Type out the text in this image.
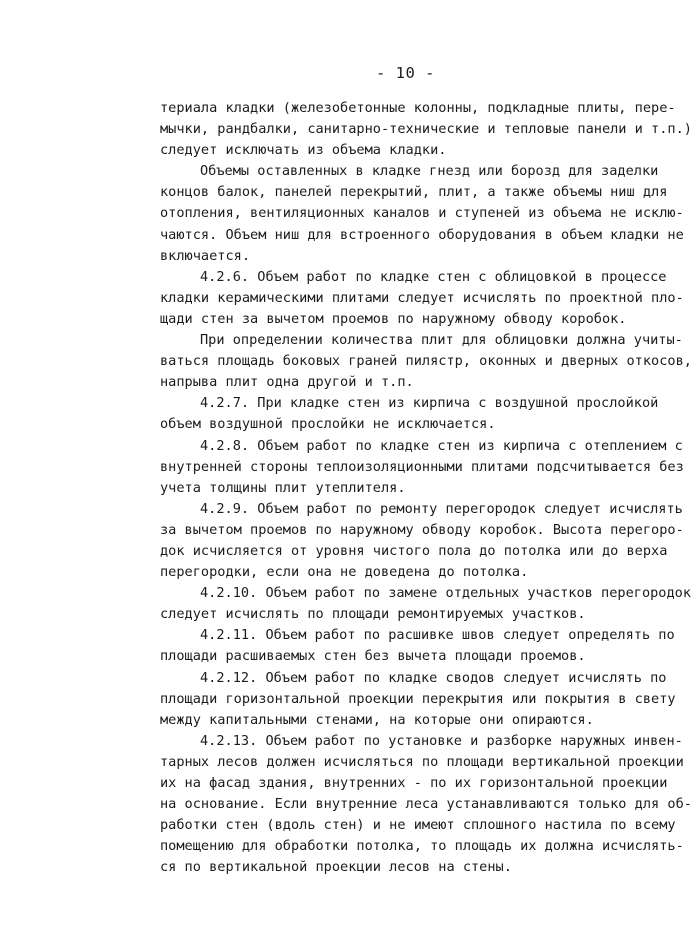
- 10 -
териала кладки (железобетонные колонны, подкладные плиты, пере-
мычки, рандбалки, санитарно-технические и тепловые панели и т.п.)
следует исключать из объема кладки.
Объемы оставленных в кладке гнезд или борозд для заделки
концов балок, панелей перекрытий, плит, а также объемы ниш для
отопления, вентиляционных каналов и ступеней из объема не исклю-
чаются. Объем ниш для встроенного оборудования в объем кладки не
включается.
4.2.6. Объем работ по кладке стен с облицовкой в процессе
кладки керамическими плитами следует исчислять по проектной пло-
щади стен за вычетом проемов по наружному обводу коробок.
При определении количества плит для облицовки должна учиты-
ваться площадь боковых граней пилястр, оконных и дверных откосов,
напрыва плит одна другой и т.п.
4.2.7. При кладке стен из кирпича с воздушной прослойкой
объем воздушной прослойки не исключается.
4.2.8. Объем работ по кладке стен из кирпича с отеплением с
внутренней стороны теплоизоляционными плитами подсчитывается без
учета толщины плит утеплителя.
4.2.9. Объем работ по ремонту перегородок следует исчислять
за вычетом проемов по наружному обводу коробок. Высота перегоро-
док исчисляется от уровня чистого пола до потолка или до верха
перегородки, если она не доведена до потолка.
4.2.10. Объем работ по замене отдельных участков перегородок
следует исчислять по площади ремонтируемых участков.
4.2.11. Объем работ по расшивке швов следует определять по
площади расшиваемых стен без вычета площади проемов.
4.2.12. Объем работ по кладке сводов следует исчислять по
площади горизонтальной проекции перекрытия или покрытия в свету
между капитальными стенами, на которые они опираются.
4.2.13. Объем работ по установке и разборке наружных инвен-
тарных лесов должен исчисляться по площади вертикальной проекции
их на фасад здания, внутренних - по их горизонтальной проекции
на основание. Если внутренние леса устанавливаются только для об-
работки стен (вдоль стен) и не имеют сплошного настила по всему
помещению для обработки потолка, то площадь их должна исчислять-
ся по вертикальной проекции лесов на стены.
